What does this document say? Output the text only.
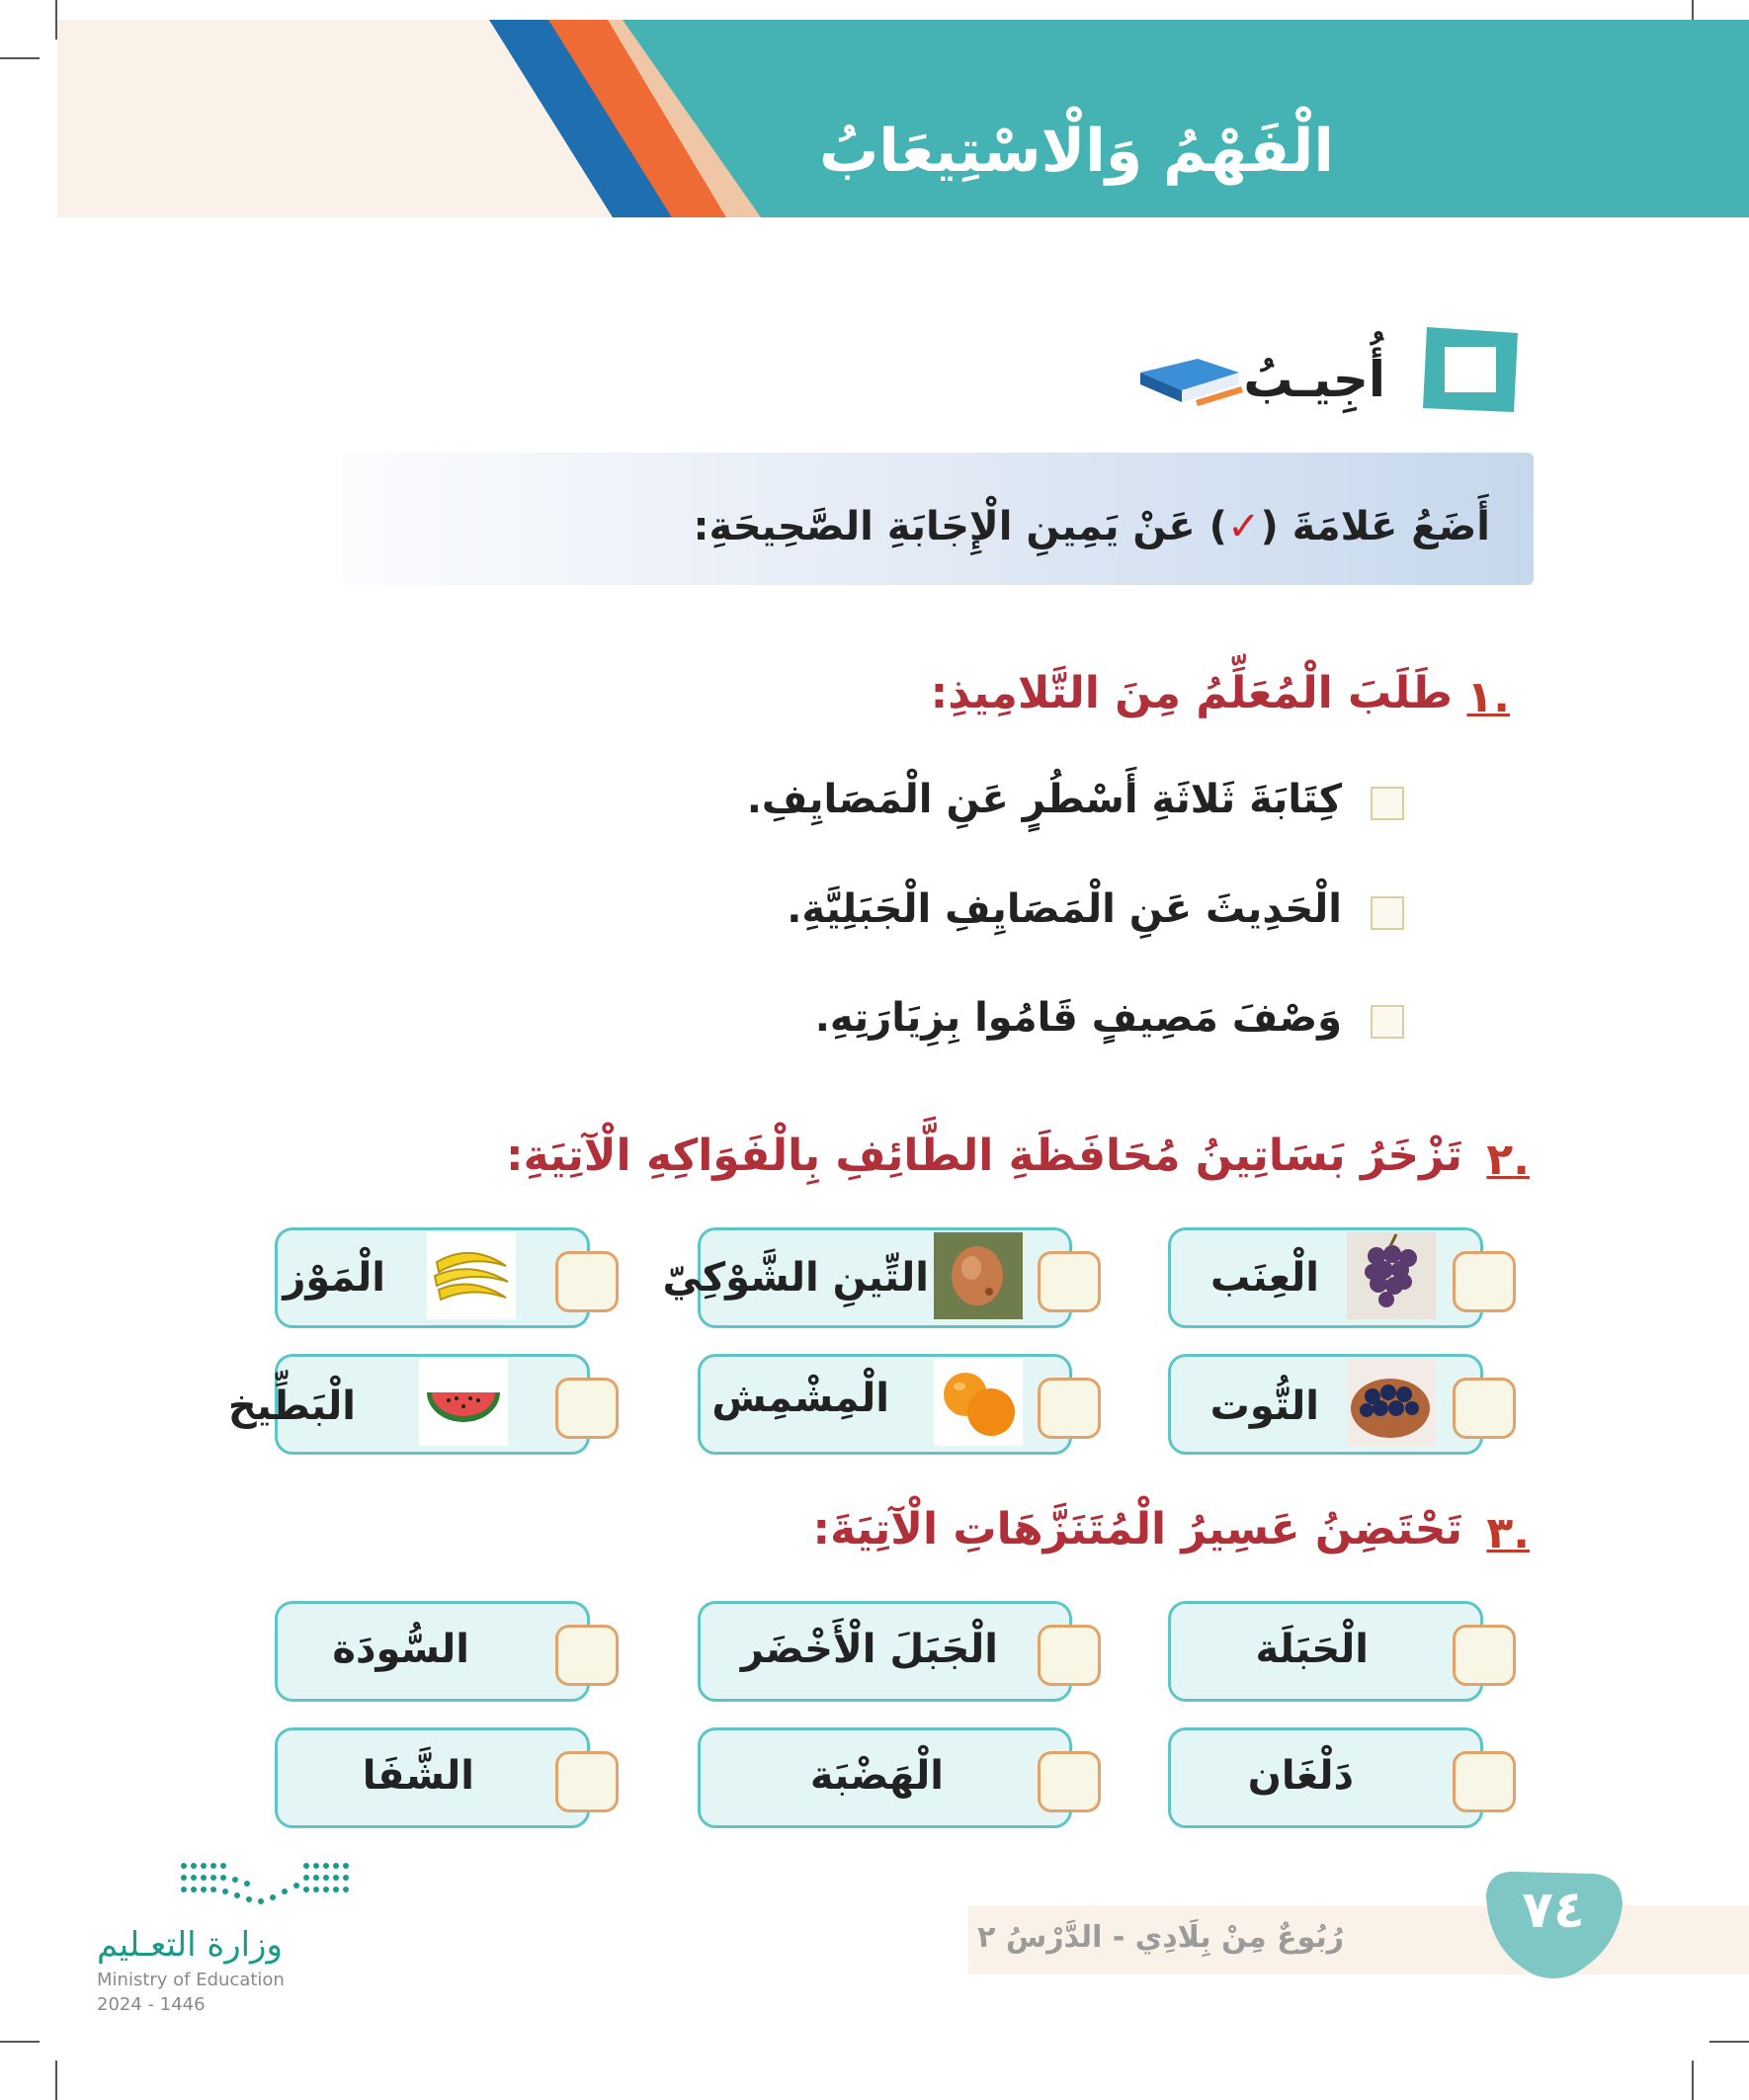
الْفَهْمُ وَالْاسْتِيعَابُ
أُجِيـبُ
أَضَعُ عَلامَةَ (✓) عَنْ يَمِينِ الْإِجَابَةِ الصَّحِيحَةِ:
١.
طَلَبَ الْمُعَلِّمُ مِنَ التَّلامِيذِ:
كِتَابَةَ ثَلاثَةِ أَسْطُرٍ عَنِ الْمَصَايِفِ.
الْحَدِيثَ عَنِ الْمَصَايِفِ الْجَبَلِيَّةِ.
وَصْفَ مَصِيفٍ قَامُوا بِزِيَارَتِهِ.
٢.
تَزْخَرُ بَسَاتِينُ مُحَافَظَةِ الطَّائِفِ بِالْفَوَاكِهِ الْآتِيَةِ:
الْعِنَب
التِّينِ الشَّوْكِيّ
الْمَوْز
التُّوت
الْمِشْمِش
الْبَطِّيخ
٣.
تَحْتَضِنُ عَسِيرُ الْمُتَنَزَّهَاتِ الْآتِيَةَ:
الْحَبَلَة
الْجَبَلَ الْأَخْضَر
السُّودَة
دَلْغَان
الْهَضْبَة
الشَّفَا
٧٤
رُبُوعٌ مِنْ بِلَادِي - الدَّرْسُ ٢
وزارة التعـليم
Ministry of Education
2024 - 1446
